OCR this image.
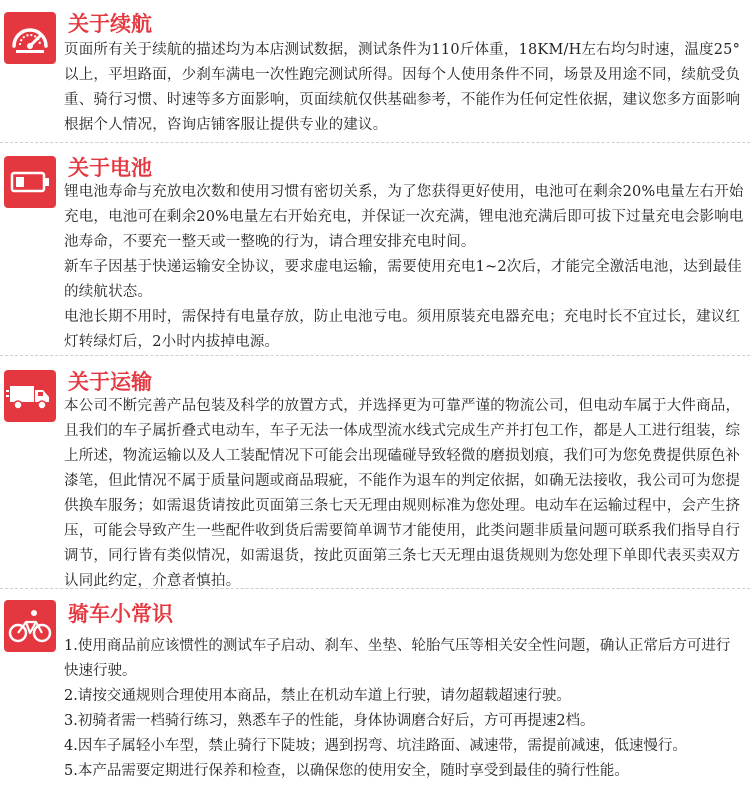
关于续航
页面所有关于续航的描述均为本店测试数据，测试条件为110斤体重，18KM/H左右均匀时速，温度25° 以上，平坦路面，少刹车满电一次性跑完测试所得。因每个人使用条件不同，场景及用途不同，续航受负重、骑行习惯、时速等多方面影响，页面续航仅供基础参考，不能作为任何定性依据，建议您多方面影响根据个人情况，咨询店铺客服让提供专业的建议。
关于电池
锂电池寿命与充放电次数和使用习惯有密切关系，为了您获得更好使用，电池可在剩余20%电量左右开始充电，电池可在剩余20%电量左右开始充电，并保证一次充满，锂电池充满后即可拔下过量充电会影响电池寿命，不要充一整天或一整晚的行为，请合理安排充电时间。
新车子因基于快递运输安全协议，要求虚电运输，需要使用充电1~2次后，才能完全激活电池，达到最佳的续航状态。
电池长期不用时，需保持有电量存放，防止电池亏电。须用原装充电器充电；充电时长不宜过长，建议红灯转绿灯后，2小时内拔掉电源。
关于运输
本公司不断完善产品包装及科学的放置方式，并选择更为可靠严谨的物流公司，但电动车属于大件商品，且我们的车子属折叠式电动车，车子无法一体成型流水线式完成生产并打包工作，都是人工进行组装，综上所述，物流运输以及人工装配情况下可能会出现磕碰导致轻微的磨损划痕，我们可为您免费提供原色补漆笔，但此情况不属于质量问题或商品瑕疵，不能作为退车的判定依据，如确无法接收，我公司可为您提供换车服务；如需退货请按此页面第三条七天无理由规则标准为您处理。电动车在运输过程中，会产生挤压，可能会导致产生一些配件收到货后需要简单调节才能使用，此类问题非质量问题可联系我们指导自行调节，同行皆有类似情况，如需退货，按此页面第三条七天无理由退货规则为您处理下单即代表买卖双方认同此约定，介意者慎拍。
骑车小常识
1.使用商品前应该惯性的测试车子启动、刹车、坐垫、轮胎气压等相关安全性问题，确认正常后方可进行快速行驶。
2.请按交通规则合理使用本商品，禁止在机动车道上行驶，请勿超载超速行驶。
3.初骑者需一档骑行练习，熟悉车子的性能，身体协调磨合好后，方可再提速2档。
4.因车子属轻小车型，禁止骑行下陡坡；遇到拐弯、坑洼路面、减速带，需提前减速，低速慢行。
5.本产品需要定期进行保养和检查，以确保您的使用安全，随时享受到最佳的骑行性能。
